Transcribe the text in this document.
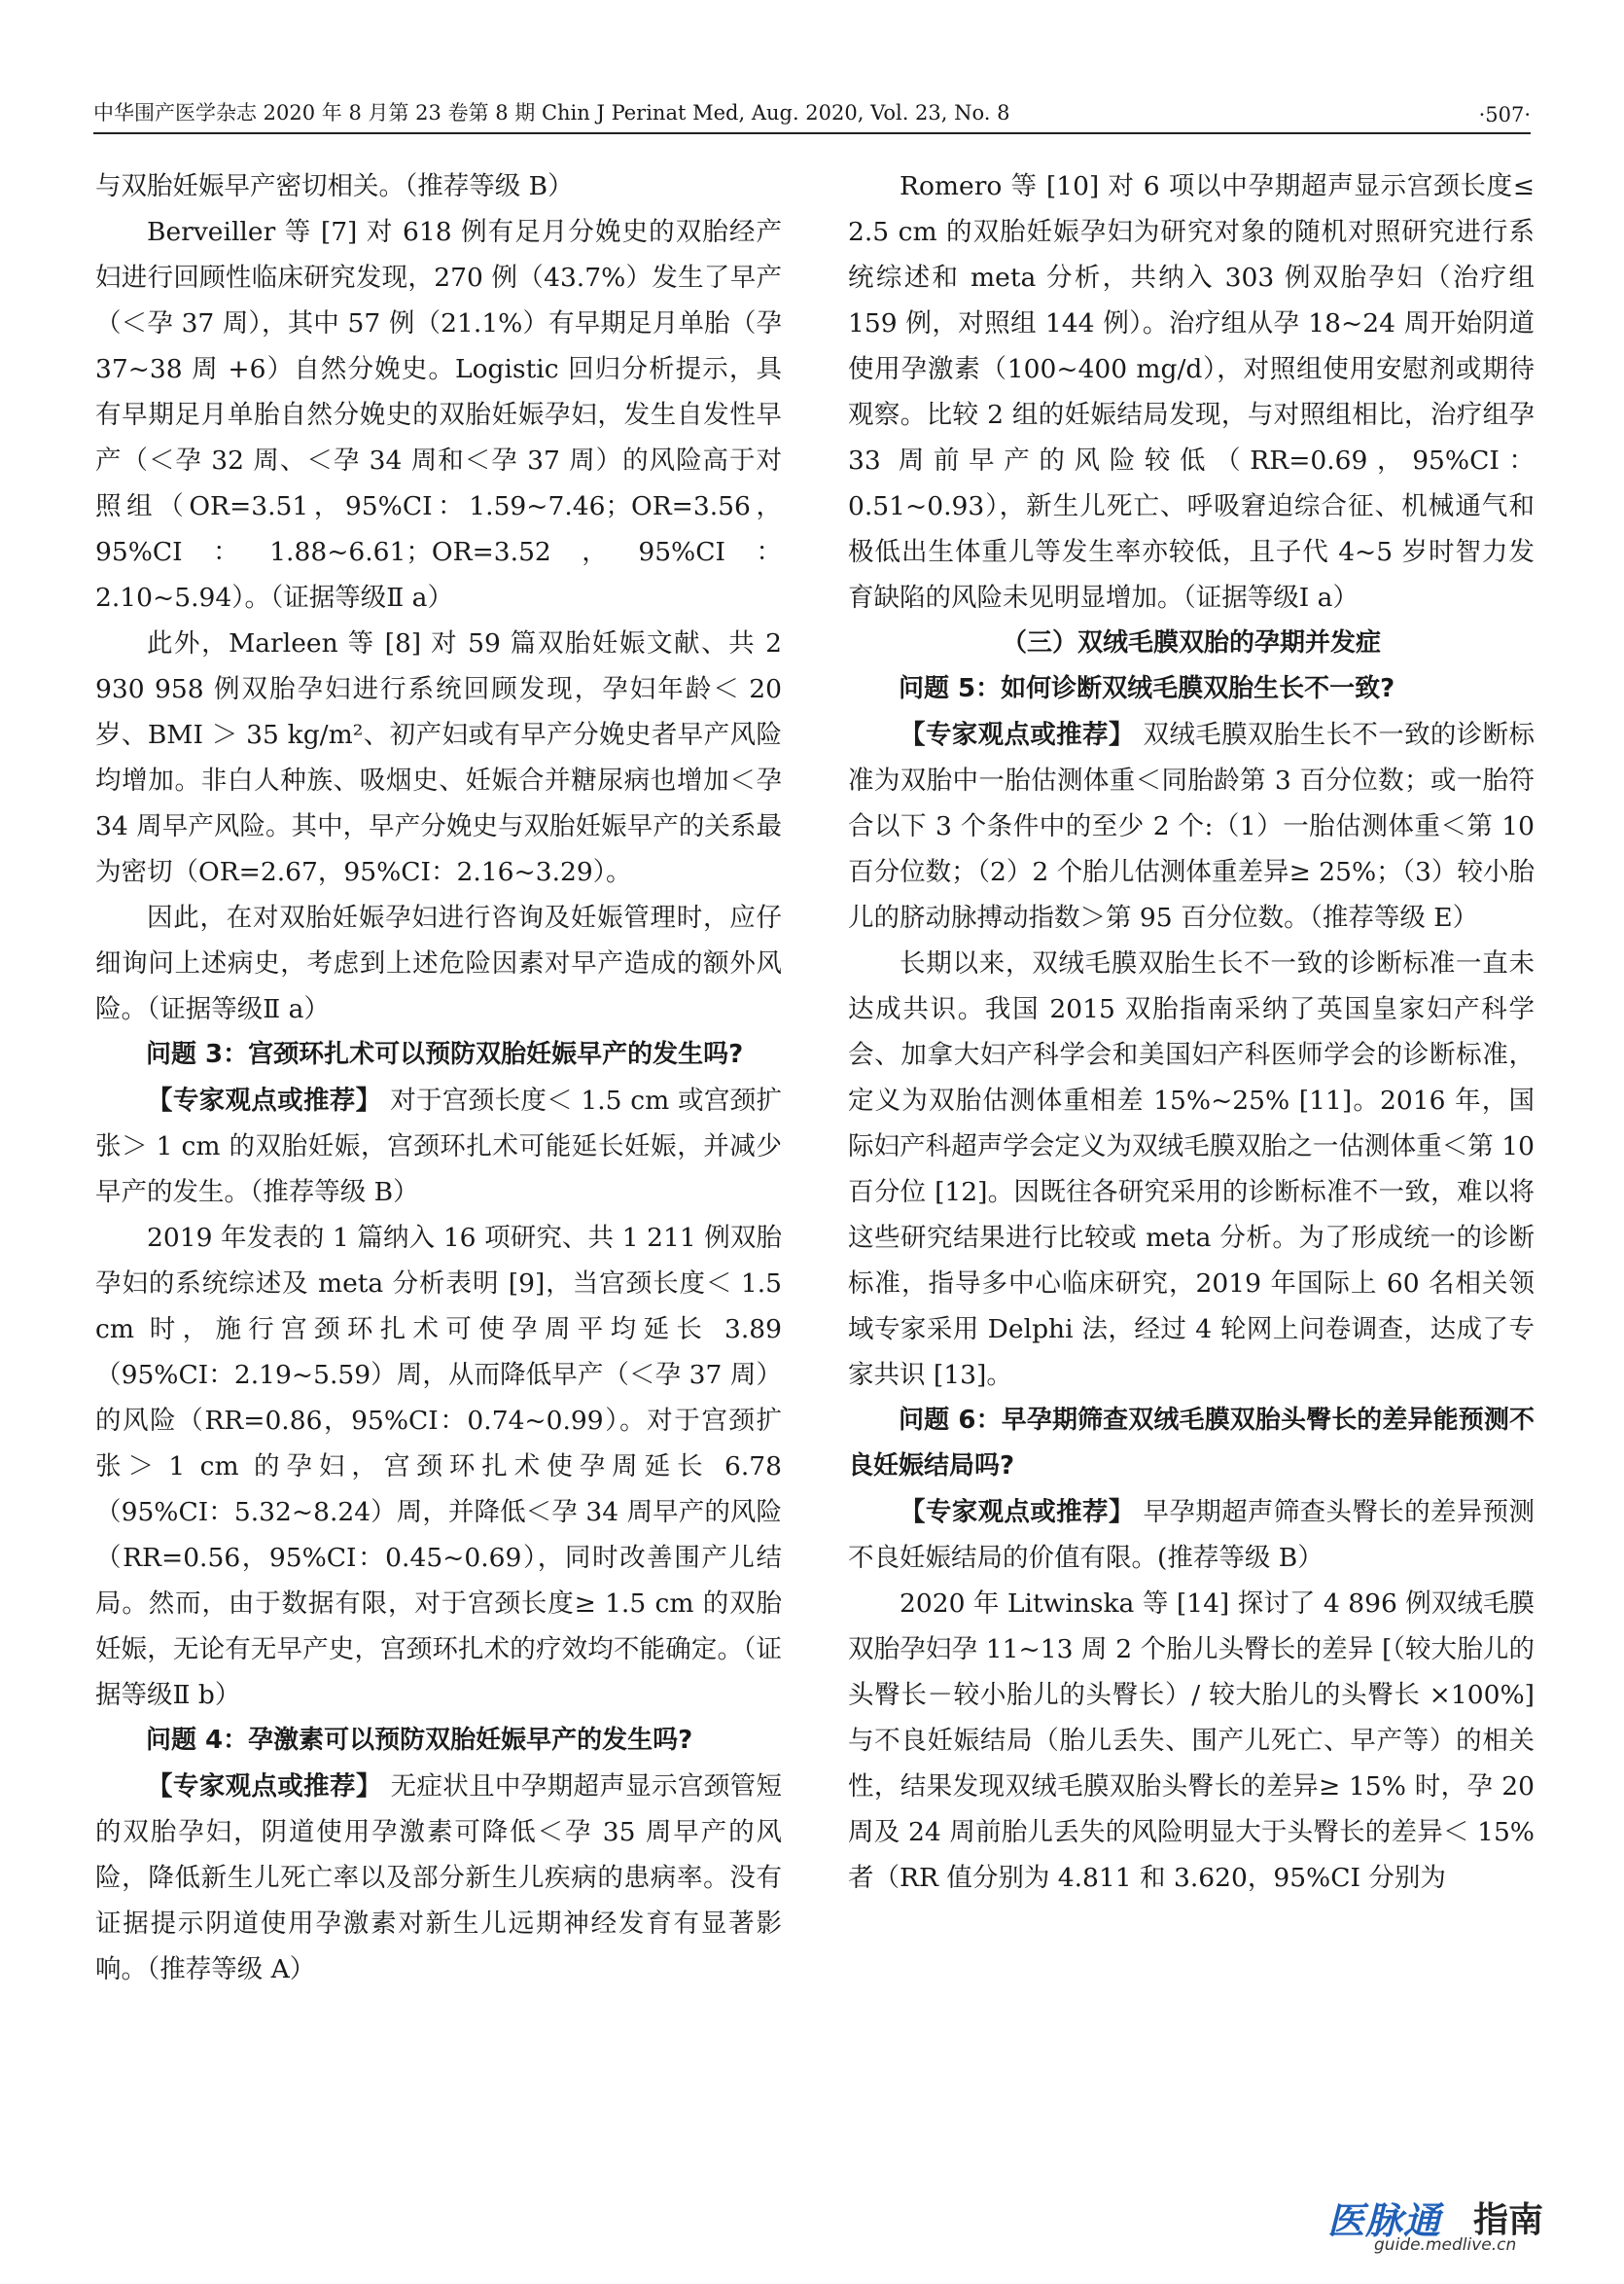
中华围产医学杂志 2020 年 8 月第 23 卷第 8 期 Chin J Perinat Med, Aug. 2020, Vol. 23, No. 8	·507·

与双胎妊娠早产密切相关。（推荐等级 B）

Berveiller 等 [7] 对 618 例有足月分娩史的双胎经产妇进行回顾性临床研究发现，270 例（43.7%）发生了早产（＜孕 37 周），其中 57 例（21.1%）有早期足月单胎（孕 37~38 周 +6）自然分娩史。Logistic 回归分析提示，具有早期足月单胎自然分娩史的双胎妊娠孕妇，发生自发性早产（＜孕 32 周、＜孕 34 周和＜孕 37 周）的风险高于对照组（OR=3.51，95%CI：1.59~7.46；OR=3.56，95%CI：1.88~6.61；OR=3.52，95%CI：2.10~5.94）。（证据等级Ⅱ a）

此外，Marleen 等 [8] 对 59 篇双胎妊娠文献、共 2 930 958 例双胎孕妇进行系统回顾发现，孕妇年龄＜ 20 岁、BMI ＞ 35 kg/m²、初产妇或有早产分娩史者早产风险均增加。非白人种族、吸烟史、妊娠合并糖尿病也增加＜孕 34 周早产风险。其中，早产分娩史与双胎妊娠早产的关系最为密切（OR=2.67，95%CI：2.16~3.29）。

因此，在对双胎妊娠孕妇进行咨询及妊娠管理时，应仔细询问上述病史，考虑到上述危险因素对早产造成的额外风险。（证据等级Ⅱ a）

问题 3：宫颈环扎术可以预防双胎妊娠早产的发生吗?

【专家观点或推荐】 对于宫颈长度＜ 1.5 cm 或宫颈扩张＞ 1 cm 的双胎妊娠，宫颈环扎术可能延长妊娠，并减少早产的发生。（推荐等级 B）

2019 年发表的 1 篇纳入 16 项研究、共 1 211 例双胎孕妇的系统综述及 meta 分析表明 [9]，当宫颈长度＜ 1.5 cm 时，施行宫颈环扎术可使孕周平均延长 3.89（95%CI：2.19~5.59）周，从而降低早产（＜孕 37 周）的风险（RR=0.86，95%CI：0.74~0.99）。对于宫颈扩张＞ 1 cm 的孕妇，宫颈环扎术使孕周延长 6.78（95%CI：5.32~8.24）周，并降低＜孕 34 周早产的风险（RR=0.56，95%CI：0.45~0.69），同时改善围产儿结局。然而，由于数据有限，对于宫颈长度≥ 1.5 cm 的双胎妊娠，无论有无早产史，宫颈环扎术的疗效均不能确定。（证据等级Ⅱ b）

问题 4：孕激素可以预防双胎妊娠早产的发生吗?

【专家观点或推荐】 无症状且中孕期超声显示宫颈管短的双胎孕妇，阴道使用孕激素可降低＜孕 35 周早产的风险，降低新生儿死亡率以及部分新生儿疾病的患病率。没有证据提示阴道使用孕激素对新生儿远期神经发育有显著影响。（推荐等级 A）

Romero 等 [10] 对 6 项以中孕期超声显示宫颈长度≤ 2.5 cm 的双胎妊娠孕妇为研究对象的随机对照研究进行系统综述和 meta 分析，共纳入 303 例双胎孕妇（治疗组 159 例，对照组 144 例）。治疗组从孕 18~24 周开始阴道使用孕激素（100~400 mg/d），对照组使用安慰剂或期待观察。比较 2 组的妊娠结局发现，与对照组相比，治疗组孕 33 周前早产的风险较低（RR=0.69，95%CI：0.51~0.93），新生儿死亡、呼吸窘迫综合征、机械通气和极低出生体重儿等发生率亦较低，且子代 4~5 岁时智力发育缺陷的风险未见明显增加。（证据等级Ⅰ a）

（三）双绒毛膜双胎的孕期并发症

问题 5：如何诊断双绒毛膜双胎生长不一致?

【专家观点或推荐】 双绒毛膜双胎生长不一致的诊断标准为双胎中一胎估测体重＜同胎龄第 3 百分位数；或一胎符合以下 3 个条件中的至少 2 个:（1）一胎估测体重＜第 10 百分位数；（2）2 个胎儿估测体重差异≥ 25%；（3）较小胎儿的脐动脉搏动指数＞第 95 百分位数。（推荐等级 E）

长期以来，双绒毛膜双胎生长不一致的诊断标准一直未达成共识。我国 2015 双胎指南采纳了英国皇家妇产科学会、加拿大妇产科学会和美国妇产科医师学会的诊断标准，定义为双胎估测体重相差 15%~25% [11]。2016 年，国际妇产科超声学会定义为双绒毛膜双胎之一估测体重＜第 10 百分位 [12]。因既往各研究采用的诊断标准不一致，难以将这些研究结果进行比较或 meta 分析。为了形成统一的诊断标准，指导多中心临床研究，2019 年国际上 60 名相关领域专家采用 Delphi 法，经过 4 轮网上问卷调查，达成了专家共识 [13]。

问题 6：早孕期筛查双绒毛膜双胎头臀长的差异能预测不良妊娠结局吗?

【专家观点或推荐】 早孕期超声筛查头臀长的差异预测不良妊娠结局的价值有限。(推荐等级 B）

2020 年 Litwinska 等 [14] 探讨了 4 896 例双绒毛膜双胎孕妇孕 11~13 周 2 个胎儿头臀长的差异 [（较大胎儿的头臀长－较小胎儿的头臀长）/ 较大胎儿的头臀长 ×100%] 与不良妊娠结局（胎儿丢失、围产儿死亡、早产等）的相关性，结果发现双绒毛膜双胎头臀长的差异≥ 15% 时，孕 20 周及 24 周前胎儿丢失的风险明显大于头臀长的差异＜ 15% 者（RR 值分别为 4.811 和 3.620，95%CI 分别为

医脉通 指南
guide.medlive.cn
